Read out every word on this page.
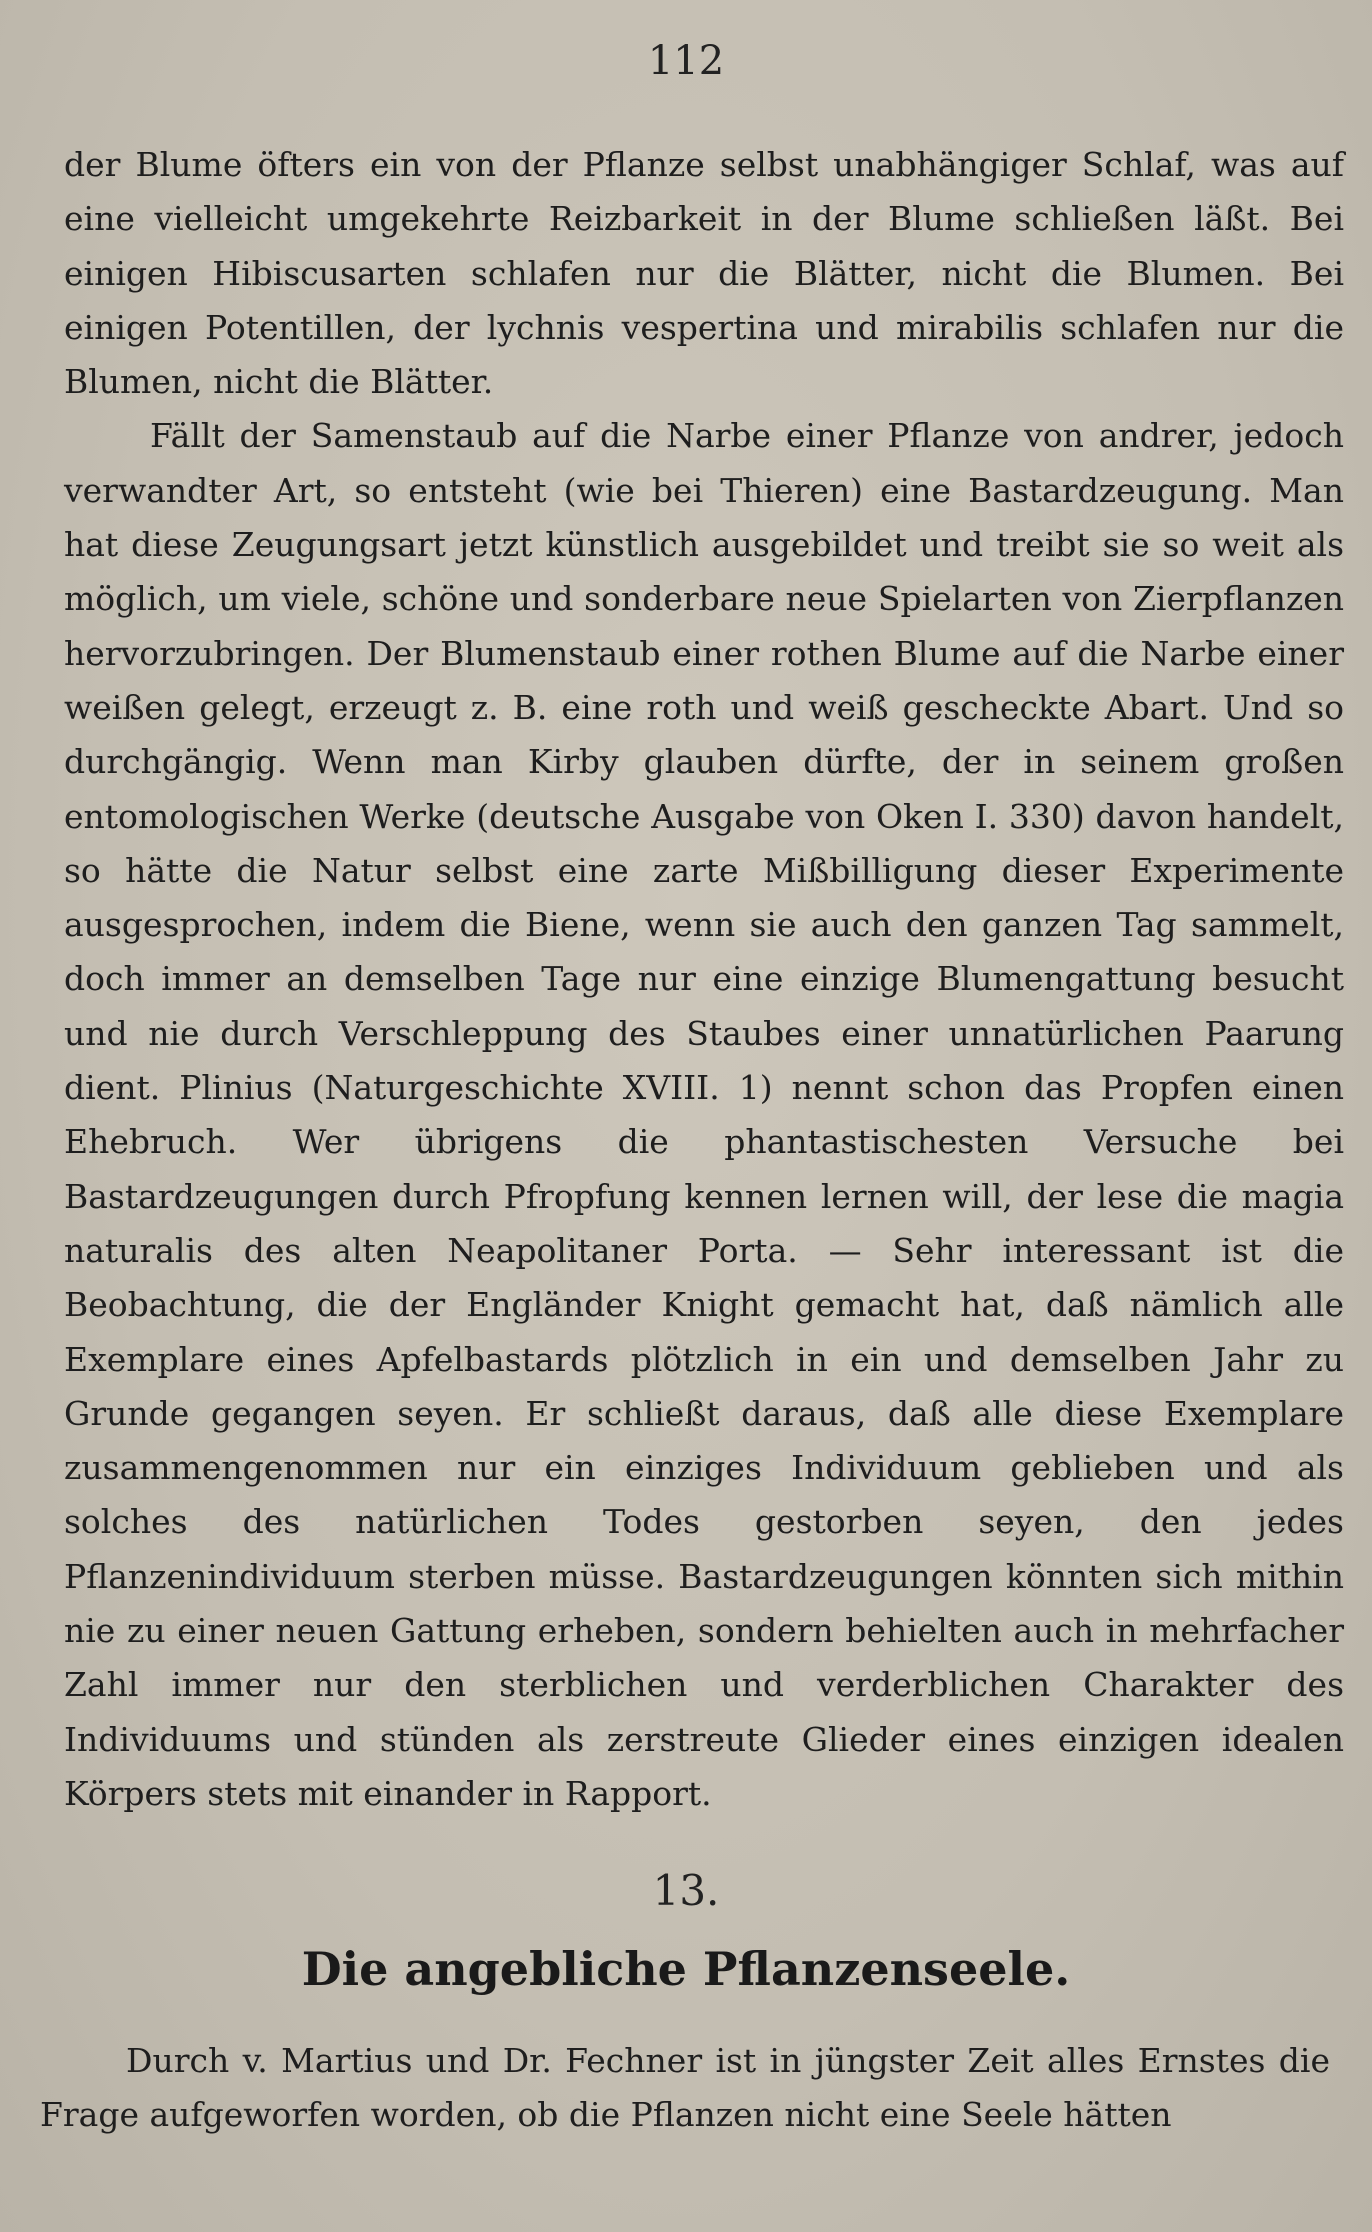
112

der Blume öfters ein von der Pflanze selbst unabhängiger Schlaf, was auf eine vielleicht umgekehrte Reizbarkeit in der Blume schließen läßt. Bei einigen Hibiscusarten schlafen nur die Blätter, nicht die Blumen. Bei einigen Potentillen, der lychnis vespertina und mirabilis schlafen nur die Blumen, nicht die Blätter.

Fällt der Samenstaub auf die Narbe einer Pflanze von andrer, jedoch verwandter Art, so entsteht (wie bei Thieren) eine Bastardzeugung. Man hat diese Zeugungsart jetzt künstlich ausgebildet und treibt sie so weit als möglich, um viele, schöne und sonderbare neue Spielarten von Zierpflanzen hervorzubringen. Der Blumenstaub einer rothen Blume auf die Narbe einer weißen gelegt, erzeugt z. B. eine roth und weiß gescheckte Abart. Und so durchgängig. Wenn man Kirby glauben dürfte, der in seinem großen entomologischen Werke (deutsche Ausgabe von Oken I. 330) davon handelt, so hätte die Natur selbst eine zarte Mißbilligung dieser Experimente ausgesprochen, indem die Biene, wenn sie auch den ganzen Tag sammelt, doch immer an demselben Tage nur eine einzige Blumengattung besucht und nie durch Verschleppung des Staubes einer unnatürlichen Paarung dient. Plinius (Naturgeschichte XVIII. 1) nennt schon das Propfen einen Ehebruch. Wer übrigens die phantastischesten Versuche bei Bastardzeugungen durch Pfropfung kennen lernen will, der lese die magia naturalis des alten Neapolitaner Porta. — Sehr interessant ist die Beobachtung, die der Engländer Knight gemacht hat, daß nämlich alle Exemplare eines Apfelbastards plötzlich in ein und demselben Jahr zu Grunde gegangen seyen. Er schließt daraus, daß alle diese Exemplare zusammengenommen nur ein einziges Individuum geblieben und als solches des natürlichen Todes gestorben seyen, den jedes Pflanzenindividuum sterben müsse. Bastardzeugungen könnten sich mithin nie zu einer neuen Gattung erheben, sondern behielten auch in mehrfacher Zahl immer nur den sterblichen und verderblichen Charakter des Individuums und stünden als zerstreute Glieder eines einzigen idealen Körpers stets mit einander in Rapport.

13.
Die angebliche Pflanzenseele.

Durch v. Martius und Dr. Fechner ist in jüngster Zeit alles Ernstes die Frage aufgeworfen worden, ob die Pflanzen nicht eine Seele hätten
